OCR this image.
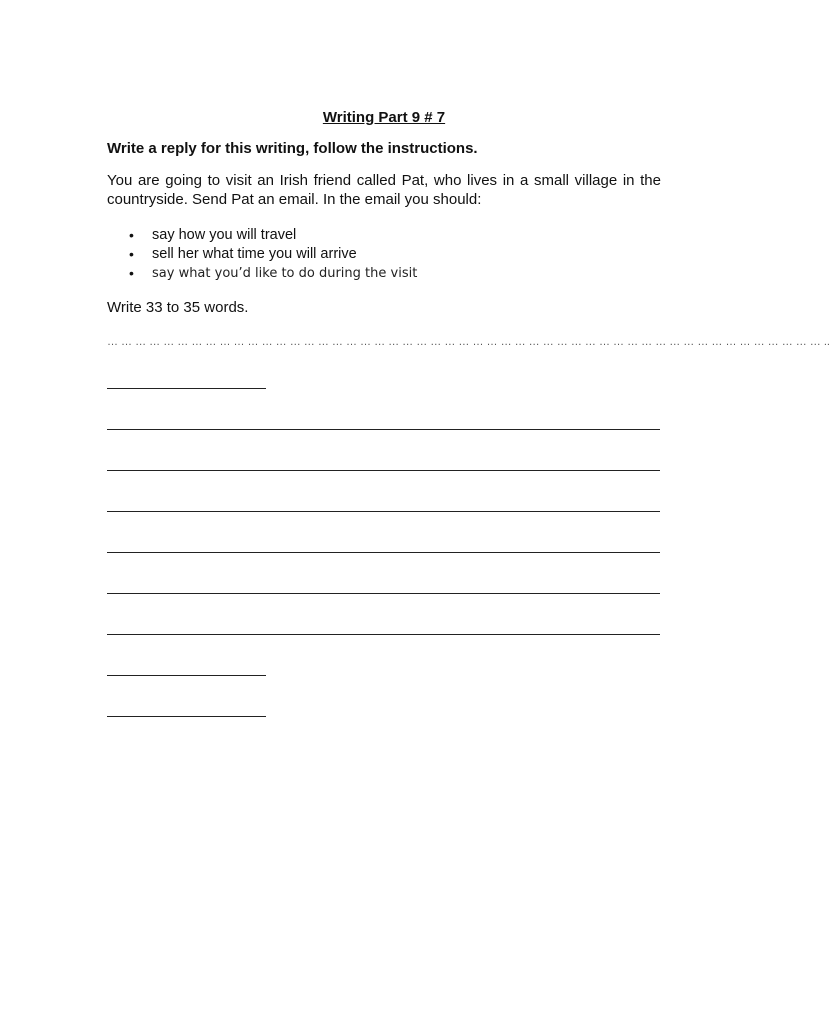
Writing Part 9 # 7

Write a reply for this writing, follow the instructions.

You are going to visit an Irish friend called Pat, who lives in a small village in the countryside. Send Pat an email. In the email you should:

• say how you will travel
• sell her what time you will arrive
• say what you’d like to do during the visit

Write 33 to 35 words.

… … … … … … … … … … … … … … … … … … … … … … … … … … … … … … … … … … … … … … … … … … … … … … … … … … … ..
